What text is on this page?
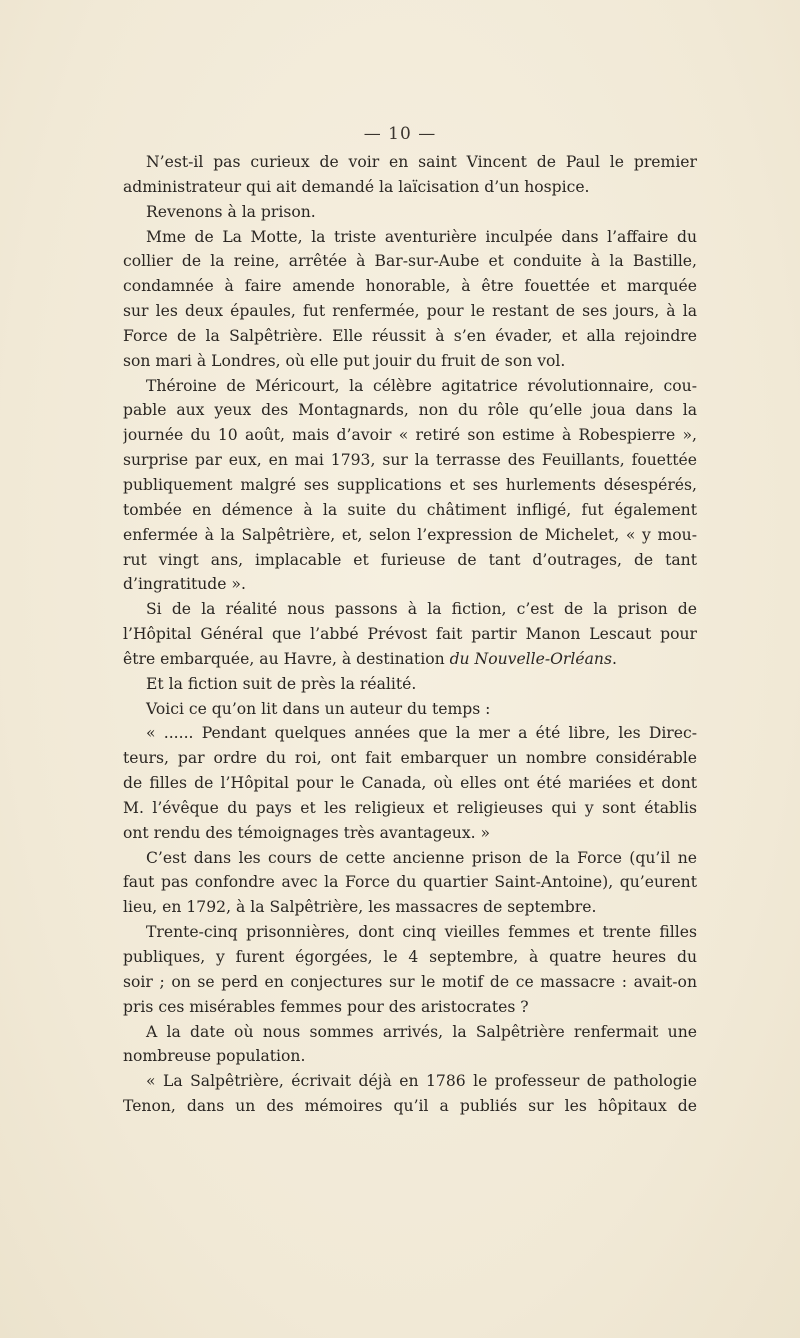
— 10 —
N’est-il pas curieux de voir en saint Vincent de Paul le premier
administrateur qui ait demandé la laïcisation d’un hospice.
Revenons à la prison.
Mme de La Motte, la triste aventurière inculpée dans l’affaire du
collier de la reine, arrêtée à Bar-sur-Aube et conduite à la Bastille,
condamnée à faire amende honorable, à être fouettée et marquée
sur les deux épaules, fut renfermée, pour le restant de ses jours, à la
Force de la Salpêtrière. Elle réussit à s’en évader, et alla rejoindre
son mari à Londres, où elle put jouir du fruit de son vol.
Théroine de Méricourt, la célèbre agitatrice révolutionnaire, cou-
pable aux yeux des Montagnards, non du rôle qu’elle joua dans la
journée du 10 août, mais d’avoir « retiré son estime à Robespierre »,
surprise par eux, en mai 1793, sur la terrasse des Feuillants, fouettée
publiquement malgré ses supplications et ses hurlements désespérés,
tombée en démence à la suite du châtiment infligé, fut également
enfermée à la Salpêtrière, et, selon l’expression de Michelet, « y mou-
rut vingt ans, implacable et furieuse de tant d’outrages, de tant
d’ingratitude ».
Si de la réalité nous passons à la fiction, c’est de la prison de
l’Hôpital Général que l’abbé Prévost fait partir Manon Lescaut pour
être embarquée, au Havre, à destination du Nouvelle-Orléans.
Et la fiction suit de près la réalité.
Voici ce qu’on lit dans un auteur du temps :
« ...... Pendant quelques années que la mer a été libre, les Direc-
teurs, par ordre du roi, ont fait embarquer un nombre considérable
de filles de l’Hôpital pour le Canada, où elles ont été mariées et dont
M. l’évêque du pays et les religieux et religieuses qui y sont établis
ont rendu des témoignages très avantageux. »
C’est dans les cours de cette ancienne prison de la Force (qu’il ne
faut pas confondre avec la Force du quartier Saint-Antoine), qu’eurent
lieu, en 1792, à la Salpêtrière, les massacres de septembre.
Trente-cinq prisonnières, dont cinq vieilles femmes et trente filles
publiques, y furent égorgées, le 4 septembre, à quatre heures du
soir ; on se perd en conjectures sur le motif de ce massacre : avait-on
pris ces misérables femmes pour des aristocrates ?
A la date où nous sommes arrivés, la Salpêtrière renfermait une
nombreuse population.
« La Salpêtrière, écrivait déjà en 1786 le professeur de pathologie
Tenon, dans un des mémoires qu’il a publiés sur les hôpitaux de
